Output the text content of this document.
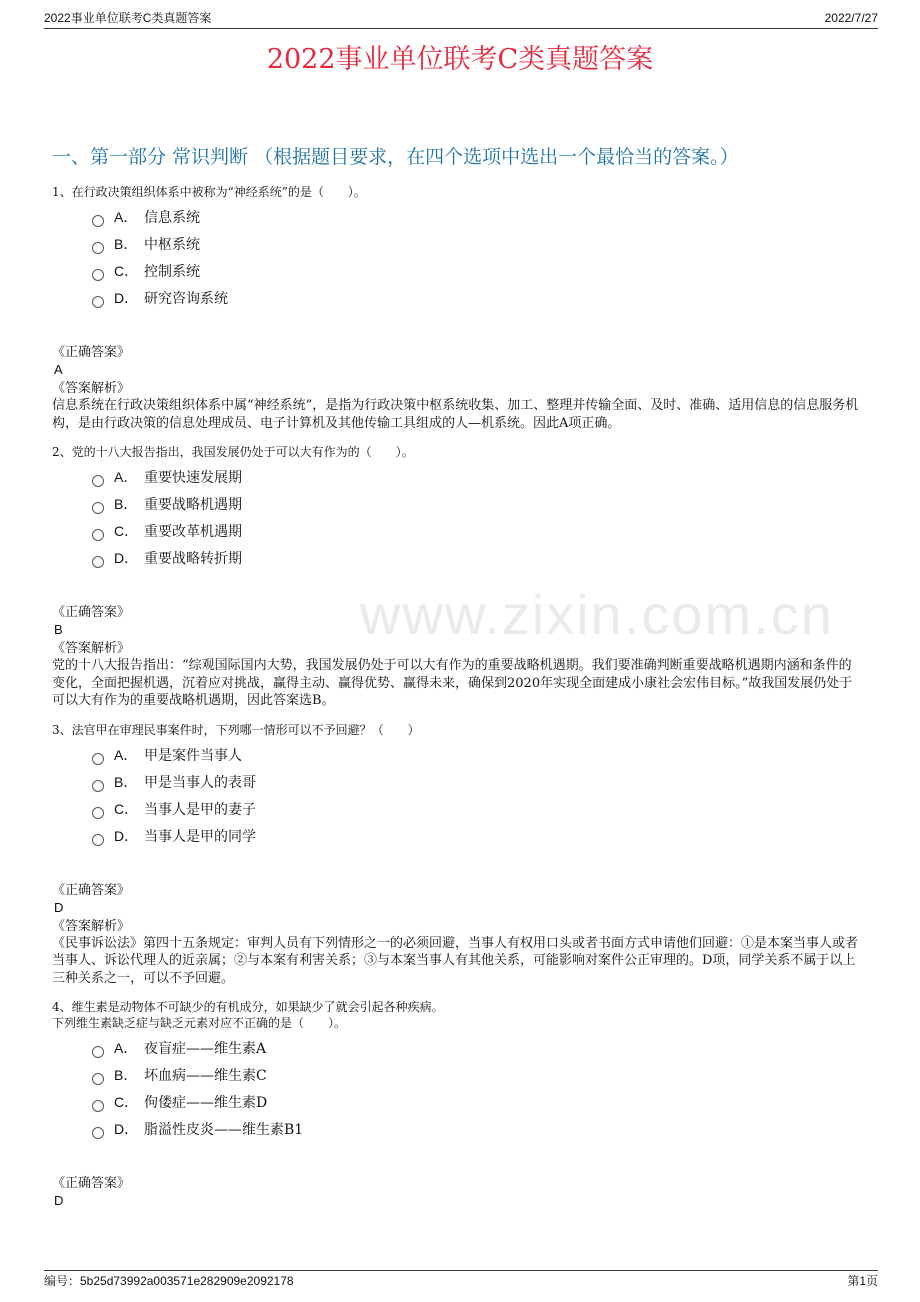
2022事业单位联考C类真题答案	2022/7/27
2022事业单位联考C类真题答案
一、第一部分 常识判断 （根据题目要求，在四个选项中选出一个最恰当的答案。）
www.zixin.com.cn

1、在行政决策组织体系中被称为“神经系统”的是（　　）。

A． 信息系统
B． 中枢系统
C． 控制系统
D． 研究咨询系统

《正确答案》

A

《答案解析》

信息系统在行政决策组织体系中属“神经系统”，是指为行政决策中枢系统收集、加工、整理并传输全面、及时、准确、适用信息的信息服务机构，是由行政决策的信息处理成员、电子计算机及其他传输工具组成的人—机系统。因此A项正确。

2、党的十八大报告指出，我国发展仍处于可以大有作为的（　　）。

A． 重要快速发展期
B． 重要战略机遇期
C． 重要改革机遇期
D． 重要战略转折期

《正确答案》

B

《答案解析》

党的十八大报告指出：“综观国际国内大势，我国发展仍处于可以大有作为的重要战略机遇期。我们要准确判断重要战略机遇期内涵和条件的变化，全面把握机遇，沉着应对挑战，赢得主动、赢得优势、赢得未来，确保到2020年实现全面建成小康社会宏伟目标。”故我国发展仍处于可以大有作为的重要战略机遇期，因此答案选B。

3、法官甲在审理民事案件时，下列哪一情形可以不予回避？（　　）

A． 甲是案件当事人
B． 甲是当事人的表哥
C． 当事人是甲的妻子
D． 当事人是甲的同学

《正确答案》

D

《答案解析》

《民事诉讼法》第四十五条规定：审判人员有下列情形之一的必须回避，当事人有权用口头或者书面方式申请他们回避：①是本案当事人或者当事人、诉讼代理人的近亲属；②与本案有利害关系；③与本案当事人有其他关系，可能影响对案件公正审理的。D项，同学关系不属于以上三种关系之一，可以不予回避。

4、维生素是动物体不可缺少的有机成分，如果缺少了就会引起各种疾病。

下列维生素缺乏症与缺乏元素对应不正确的是（　　）。

A． 夜盲症——维生素A
B． 坏血病——维生素C
C． 佝偻症——维生素D
D． 脂溢性皮炎——维生素B1

《正确答案》

D

编号：5b25d73992a003571e282909e2092178	第1页
